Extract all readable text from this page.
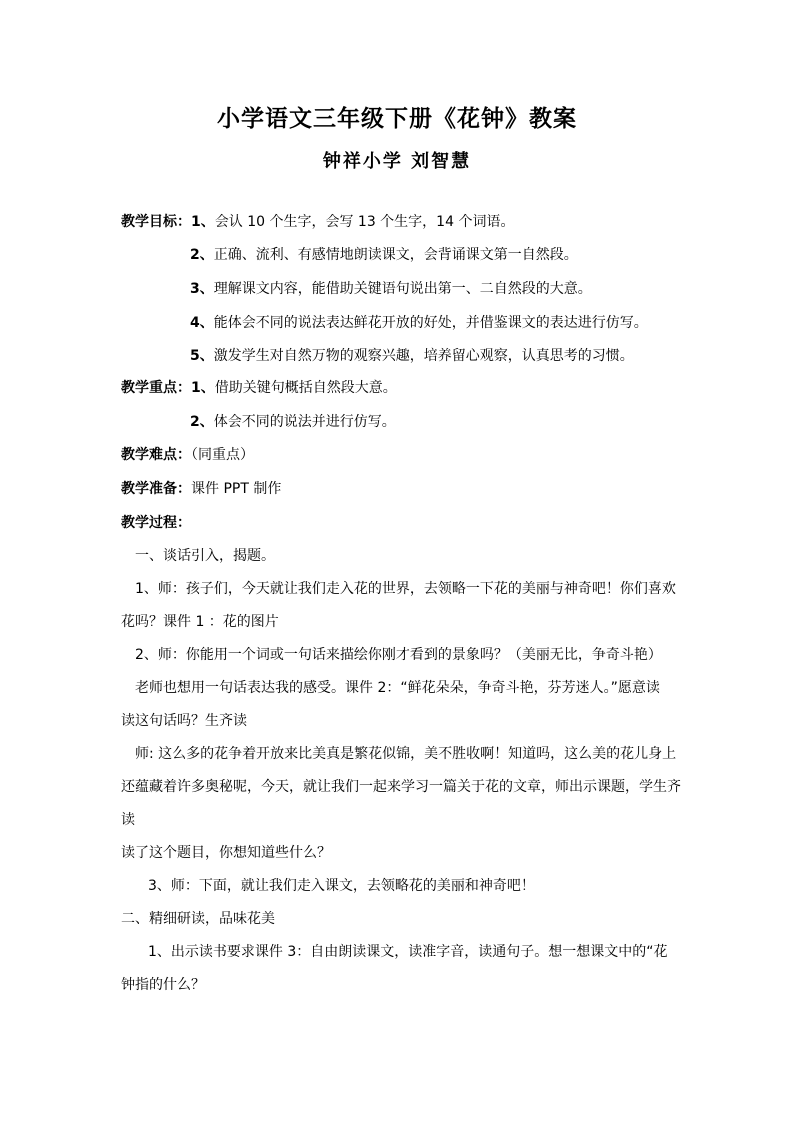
小学语文三年级下册《花钟》教案
钟祥小学 刘智慧
教学目标：1、会认 10 个生字，会写 13 个生字，14 个词语。
2、正确、流利、有感情地朗读课文，会背诵课文第一自然段。
3、理解课文内容，能借助关键语句说出第一、二自然段的大意。
4、能体会不同的说法表达鲜花开放的好处，并借鉴课文的表达进行仿写。
5、激发学生对自然万物的观察兴趣，培养留心观察，认真思考的习惯。
教学重点：1、借助关键句概括自然段大意。
2、体会不同的说法并进行仿写。
教学难点：（同重点）
教学准备：课件 PPT 制作
教学过程：
一、谈话引入，揭题。
1、师：孩子们，今天就让我们走入花的世界，去领略一下花的美丽与神奇吧！你们喜欢
花吗？课件 1 ：花的图片
2、师：你能用一个词或一句话来描绘你刚才看到的景象吗？（美丽无比，争奇斗艳）
老师也想用一句话表达我的感受。课件 2：“鲜花朵朵，争奇斗艳，芬芳迷人。”愿意读
读这句话吗？生齐读
师: 这么多的花争着开放来比美真是繁花似锦，美不胜收啊！知道吗，这么美的花儿身上
还蕴藏着许多奥秘呢，今天，就让我们一起来学习一篇关于花的文章，师出示课题，学生齐
读
读了这个题目，你想知道些什么？
3、师：下面，就让我们走入课文，去领略花的美丽和神奇吧！
二、精细研读，品味花美
1、出示读书要求课件 3：自由朗读课文，读准字音，读通句子。想一想课文中的“花
钟指的什么？
